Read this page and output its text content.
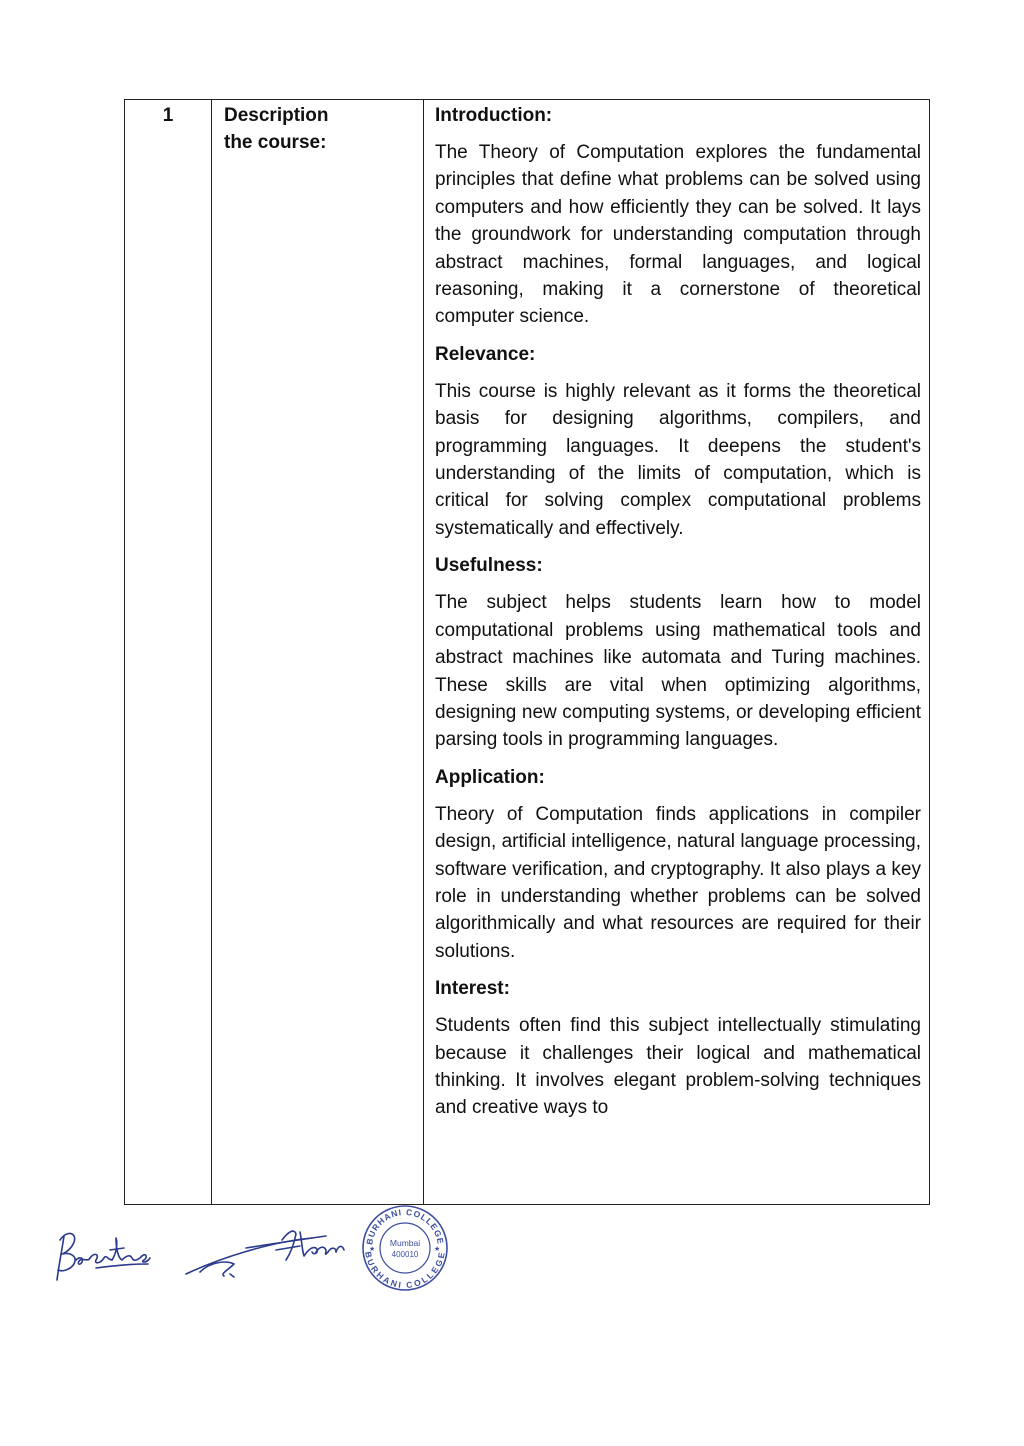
1	Description
the course:

Introduction:

The Theory of Computation explores the fundamental principles that define what problems can be solved using computers and how efficiently they can be solved. It lays the groundwork for understanding computation through abstract machines, formal languages, and logical reasoning, making it a cornerstone of theoretical computer science.

Relevance:

This course is highly relevant as it forms the theoretical basis for designing algorithms, compilers, and programming languages. It deepens the student's understanding of the limits of computation, which is critical for solving complex computational problems systematically and effectively.

Usefulness:

The subject helps students learn how to model computational problems using mathematical tools and abstract machines like automata and Turing machines. These skills are vital when optimizing algorithms, designing new computing systems, or developing efficient parsing tools in programming languages.

Application:

Theory of Computation finds applications in compiler design, artificial intelligence, natural language processing, software verification, and cryptography. It also plays a key role in understanding whether problems can be solved algorithmically and what resources are required for their solutions.

Interest:

Students often find this subject intellectually stimulating because it challenges their logical and mathematical thinking. It involves elegant problem-solving techniques and creative ways to

BURHANI COLLEGE
BURHANI COLLEGE
★	★
Mumbai
400010
